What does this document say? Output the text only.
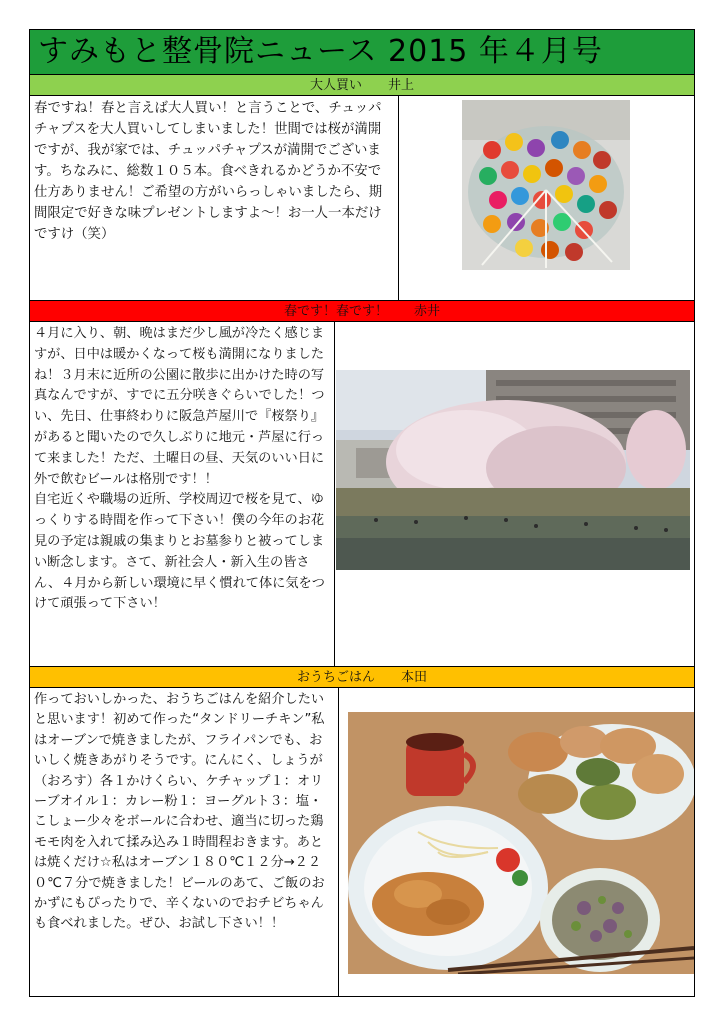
すみもと整骨院ニュース 2015 年４月号
大人買い 井上
春ですね！春と言えば大人買い！と言うことで、チュッパチャプスを大人買いしてしまいました！世間では桜が満開ですが、我が家では、チュッパチャプスが満開でございます。ちなみに、総数１０５本。食べきれるかどうか不安で仕方ありません！ご希望の方がいらっしゃいましたら、期間限定で好きな味プレゼントしますよ～！お一人一本だけですけ（笑）
春です！春です！ 赤井
４月に入り、朝、晩はまだ少し風が冷たく感じますが、日中は暖かくなって桜も満開になりましたね！３月末に近所の公園に散歩に出かけた時の写真なんですが、すでに五分咲きぐらいでした！つい、先日、仕事終わりに阪急芦屋川で『桜祭り』があると聞いたので久しぶりに地元・芦屋に行って来ました！ただ、土曜日の昼、天気のいい日に外で飲むビールは格別です！！
自宅近くや職場の近所、学校周辺で桜を見て、ゆっくりする時間を作って下さい！僕の今年のお花見の予定は親戚の集まりとお墓参りと被ってしまい断念します。さて、新社会人・新入生の皆さん、４月から新しい環境に早く慣れて体に気をつけて頑張って下さい！
おうちごはん 本田
作っておいしかった、おうちごはんを紹介したいと思います！初めて作った“タンドリーチキン”私はオーブンで焼きましたが、フライパンでも、おいしく焼きあがりそうです。にんにく、しょうが（おろす）各１かけくらい、ケチャップ１：オリーブオイル１：カレー粉１：ヨーグルト３：塩・こしょー少々をボールに合わせ、適当に切った鶏モモ肉を入れて揉み込み１時間程おきます。あとは焼くだけ☆私はオーブン１８０℃１２分→２２０℃７分で焼きました！ビールのあて、ご飯のおかずにもぴったりで、辛くないのでおチビちゃんも食べれました。ぜひ、お試し下さい！！
